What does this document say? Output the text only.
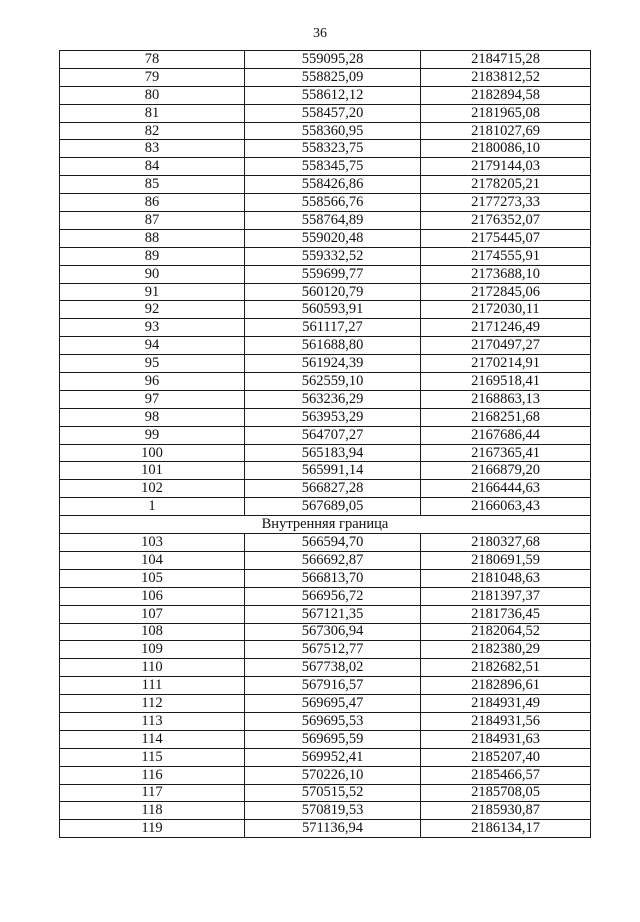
36
78	559095,28	2184715,28
79	558825,09	2183812,52
80	558612,12	2182894,58
81	558457,20	2181965,08
82	558360,95	2181027,69
83	558323,75	2180086,10
84	558345,75	2179144,03
85	558426,86	2178205,21
86	558566,76	2177273,33
87	558764,89	2176352,07
88	559020,48	2175445,07
89	559332,52	2174555,91
90	559699,77	2173688,10
91	560120,79	2172845,06
92	560593,91	2172030,11
93	561117,27	2171246,49
94	561688,80	2170497,27
95	561924,39	2170214,91
96	562559,10	2169518,41
97	563236,29	2168863,13
98	563953,29	2168251,68
99	564707,27	2167686,44
100	565183,94	2167365,41
101	565991,14	2166879,20
102	566827,28	2166444,63
1	567689,05	2166063,43
Внутренняя граница		
103	566594,70	2180327,68
104	566692,87	2180691,59
105	566813,70	2181048,63
106	566956,72	2181397,37
107	567121,35	2181736,45
108	567306,94	2182064,52
109	567512,77	2182380,29
110	567738,02	2182682,51
111	567916,57	2182896,61
112	569695,47	2184931,49
113	569695,53	2184931,56
114	569695,59	2184931,63
115	569952,41	2185207,40
116	570226,10	2185466,57
117	570515,52	2185708,05
118	570819,53	2185930,87
119	571136,94	2186134,17
